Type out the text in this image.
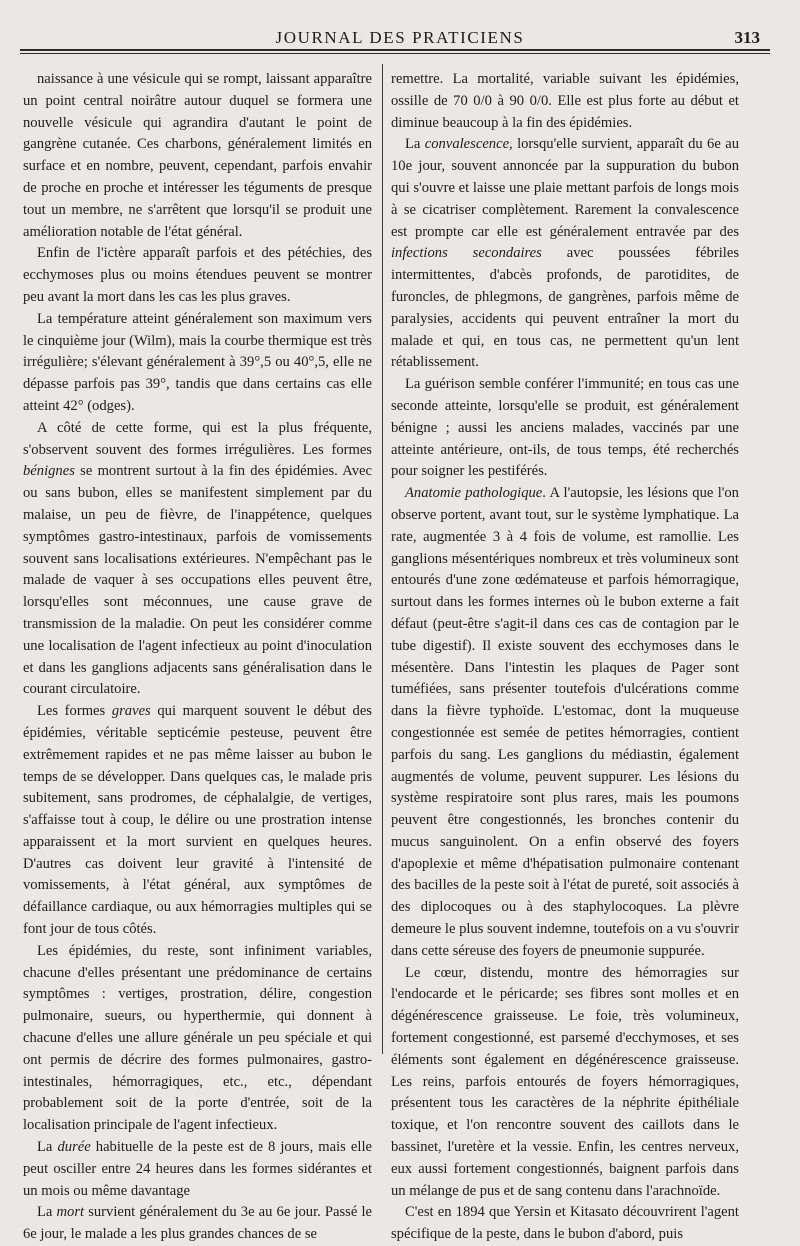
JOURNAL DES PRATICIENS	313

naissance à une vésicule qui se rompt, laissant apparaître un point central noirâtre autour duquel se formera une nouvelle vésicule qui agrandira d'autant le point de gangrène cutanée. Ces charbons, généralement limités en surface et en nombre, peuvent, cependant, parfois envahir de proche en proche et intéresser les téguments de presque tout un membre, ne s'arrêtent que lorsqu'il se produit une amélioration notable de l'état général.

Enfin de l'ictère apparaît parfois et des pétéchies, des ecchymoses plus ou moins étendues peuvent se montrer peu avant la mort dans les cas les plus graves.

La température atteint généralement son maximum vers le cinquième jour (Wilm), mais la courbe thermique est très irrégulière; s'élevant généralement à 39°,5 ou 40°,5, elle ne dépasse parfois pas 39°, tandis que dans certains cas elle atteint 42° (odges).

A côté de cette forme, qui est la plus fréquente, s'observent souvent des formes irrégulières. Les formes bénignes se montrent surtout à la fin des épidémies. Avec ou sans bubon, elles se manifestent simplement par du malaise, un peu de fièvre, de l'inappétence, quelques symptômes gastro-intestinaux, parfois de vomissements souvent sans localisations extérieures. N'empêchant pas le malade de vaquer à ses occupations elles peuvent être, lorsqu'elles sont méconnues, une cause grave de transmission de la maladie. On peut les considérer comme une localisation de l'agent infectieux au point d'inoculation et dans les ganglions adjacents sans généralisation dans le courant circulatoire.

Les formes graves qui marquent souvent le début des épidémies, véritable septicémie pesteuse, peuvent être extrêmement rapides et ne pas même laisser au bubon le temps de se développer. Dans quelques cas, le malade pris subitement, sans prodromes, de céphalalgie, de vertiges, s'affaisse tout à coup, le délire ou une prostration intense apparaissent et la mort survient en quelques heures. D'autres cas doivent leur gravité à l'intensité de vomissements, à l'état général, aux symptômes de défaillance cardiaque, ou aux hémorragies multiples qui se font jour de tous côtés.

Les épidémies, du reste, sont infiniment variables, chacune d'elles présentant une prédominance de certains symptômes : vertiges, prostration, délire, congestion pulmonaire, sueurs, ou hyperthermie, qui donnent à chacune d'elles une allure générale un peu spéciale et qui ont permis de décrire des formes pulmonaires, gastro-intestinales, hémorragiques, etc., etc., dépendant probablement soit de la porte d'entrée, soit de la localisation principale de l'agent infectieux.

La durée habituelle de la peste est de 8 jours, mais elle peut osciller entre 24 heures dans les formes sidérantes et un mois ou même davantage

La mort survient généralement du 3e au 6e jour. Passé le 6e jour, le malade a les plus grandes chances de se

remettre. La mortalité, variable suivant les épidémies, ossille de 70 0/0 à 90 0/0. Elle est plus forte au début et diminue beaucoup à la fin des épidémies.

La convalescence, lorsqu'elle survient, apparaît du 6e au 10e jour, souvent annoncée par la suppuration du bubon qui s'ouvre et laisse une plaie mettant parfois de longs mois à se cicatriser complètement. Rarement la convalescence est prompte car elle est généralement entravée par des infections secondaires avec poussées fébriles intermittentes, d'abcès profonds, de parotidites, de furoncles, de phlegmons, de gangrènes, parfois même de paralysies, accidents qui peuvent entraîner la mort du malade et qui, en tous cas, ne permettent qu'un lent rétablissement.

La guérison semble conférer l'immunité; en tous cas une seconde atteinte, lorsqu'elle se produit, est généralement bénigne ; aussi les anciens malades, vaccinés par une atteinte antérieure, ont-ils, de tous temps, été recherchés pour soigner les pestiférés.

Anatomie pathologique. A l'autopsie, les lésions que l'on observe portent, avant tout, sur le système lymphatique. La rate, augmentée 3 à 4 fois de volume, est ramollie. Les ganglions mésentériques nombreux et très volumineux sont entourés d'une zone œdémateuse et parfois hémorragique, surtout dans les formes internes où le bubon externe a fait défaut (peut-être s'agit-il dans ces cas de contagion par le tube digestif). Il existe souvent des ecchymoses dans le mésentère. Dans l'intestin les plaques de Pager sont tuméfiées, sans présenter toutefois d'ulcérations comme dans la fièvre typhoïde. L'estomac, dont la muqueuse congestionnée est semée de petites hémorragies, contient parfois du sang. Les ganglions du médiastin, également augmentés de volume, peuvent suppurer. Les lésions du système respiratoire sont plus rares, mais les poumons peuvent être congestionnés, les bronches contenir du mucus sanguinolent. On a enfin observé des foyers d'apoplexie et même d'hépatisation pulmonaire contenant des bacilles de la peste soit à l'état de pureté, soit associés à des diplocoques ou à des staphylocoques. La plèvre demeure le plus souvent indemne, toutefois on a vu s'ouvrir dans cette séreuse des foyers de pneumonie suppurée.

Le cœur, distendu, montre des hémorragies sur l'endocarde et le péricarde; ses fibres sont molles et en dégénérescence graisseuse. Le foie, très volumineux, fortement congestionné, est parsemé d'ecchymoses, et ses éléments sont également en dégénérescence graisseuse. Les reins, parfois entourés de foyers hémorragiques, présentent tous les caractères de la néphrite épithéliale toxique, et l'on rencontre souvent des caillots dans le bassinet, l'uretère et la vessie. Enfin, les centres nerveux, eux aussi fortement congestionnés, baignent parfois dans un mélange de pus et de sang contenu dans l'arachnoïde.

C'est en 1894 que Yersin et Kitasato découvrirent l'agent spécifique de la peste, dans le bubon d'abord, puis
